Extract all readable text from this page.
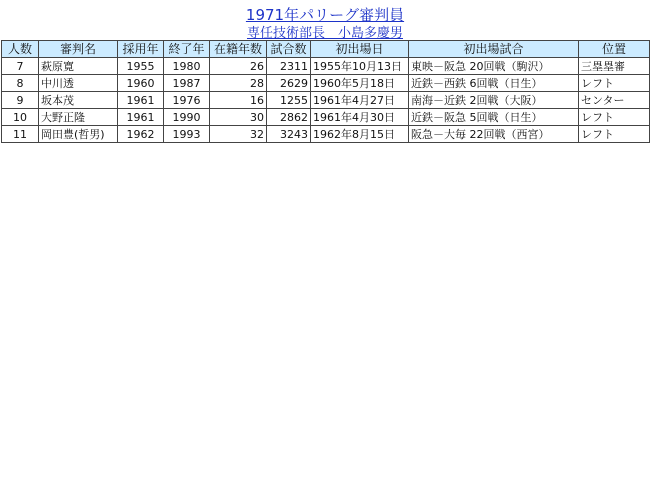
1971年パリーグ審判員
専任技術部長　小島多慶男
人数	審判名	採用年	終了年	在籍年数	試合数	初出場日	初出場試合	位置
7	萩原寛	1955	1980	26	2311	1955年10月13日	東映－阪急 20回戦（駒沢）	三塁塁審
8	中川透	1960	1987	28	2629	1960年5月18日	近鉄－西鉄 6回戦（日生）	レフト
9	坂本茂	1961	1976	16	1255	1961年4月27日	南海－近鉄 2回戦（大阪）	センター
10	大野正隆	1961	1990	30	2862	1961年4月30日	近鉄－阪急 5回戦（日生）	レフト
11	岡田豊(哲男)	1962	1993	32	3243	1962年8月15日	阪急－大毎 22回戦（西宮）	レフト
